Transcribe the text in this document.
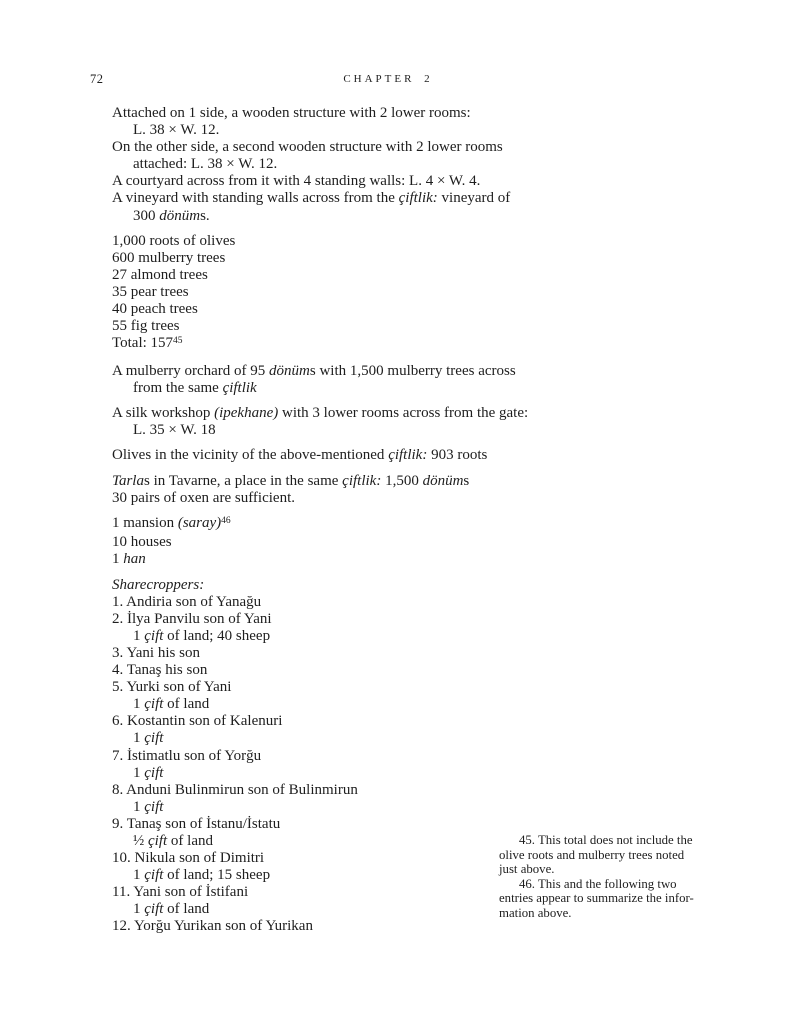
72	CHAPTER 2
Attached on 1 side, a wooden structure with 2 lower rooms:
L. 38 × W. 12.
On the other side, a second wooden structure with 2 lower rooms
attached: L. 38 × W. 12.
A courtyard across from it with 4 standing walls: L. 4 × W. 4.
A vineyard with standing walls across from the çiftlik: vineyard of
300 dönüms.
1,000 roots of olives
600 mulberry trees
27 almond trees
35 pear trees
40 peach trees
55 fig trees
Total: $157^{45}$
A mulberry orchard of 95 dönüms with 1,500 mulberry trees across
from the same çiftlik
A silk workshop (ipekhane) with 3 lower rooms across from the gate:
L. 35 × W. 18
Olives in the vicinity of the above-mentioned çiftlik: 903 roots
Tarlas in Tavarne, a place in the same çiftlik: 1,500 dönüms
30 pairs of oxen are sufficient.
1 mansion (saray)$^{46}$
10 houses
1 han
Sharecroppers:
1. Andiria son of Yanağu
2. İlya Panvilu son of Yani
1 çift of land; 40 sheep
3. Yani his son
4. Tanaş his son
5. Yurki son of Yani
1 çift of land
6. Kostantin son of Kalenuri
1 çift
7. İstimatlu son of Yorğu
1 çift
8. Anduni Bulinmirun son of Bulinmirun
1 çift
9. Tanaş son of İstanu/İstatu
½ çift of land
10. Nikula son of Dimitri
1 çift of land; 15 sheep
11. Yani son of İstifani
1 çift of land
12. Yorğu Yurikan son of Yurikan
45. This total does not include the
olive roots and mulberry trees noted
just above.
46. This and the following two
entries appear to summarize the infor-
mation above.
